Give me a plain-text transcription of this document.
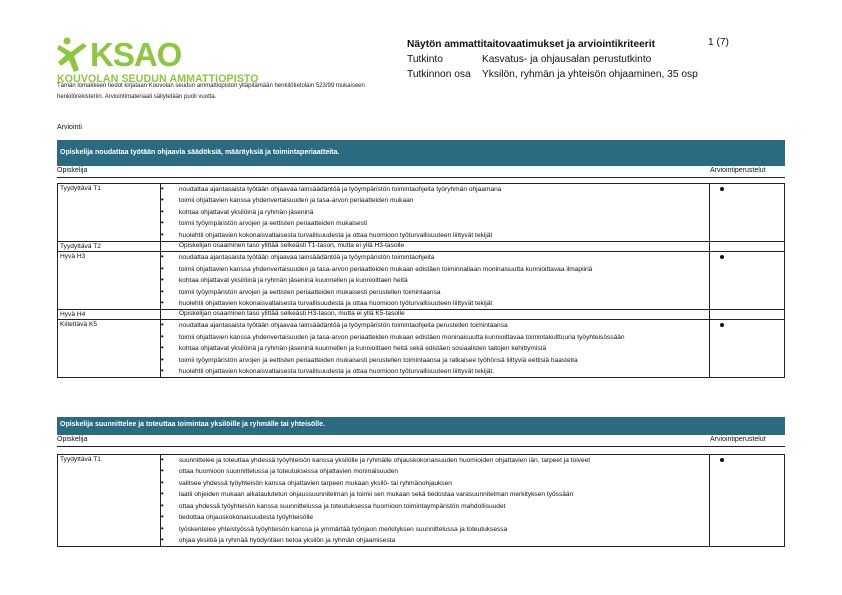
KSAO
KOUVOLAN SEUDUN AMMATTIOPISTO
Tämän lomakkeen tiedot kirjataan Kouvolan seudun ammattiopiston ylläpitämään henkilötietolain 523/99 mukaiseen henkilörekisteriin. Arviointimateriaali säilytetään puoli vuotta.
Näytön ammattitaitovaatimukset ja arviointikriteerit
Tutkinto	Kasvatus- ja ohjausalan perustutkinto
Tutkinnon osa Yksilön, ryhmän ja yhteisön ohjaaminen, 35 osp
1 (7)
Arviointi
Opiskelija noudattaa työtään ohjaavia säädöksiä, määräyksiä ja toimintaperiaatteita.
Opiskelija	Arviointiperustelut
Tyydyttävä T1	• noudattaa ajantasaista työtään ohjaavaa lainsäädäntöä ja työympäristön toimintaohjeita työryhmän ohjaamana
• toimii ohjattavien kanssa yhdenvertaisuuden ja tasa-arvon periaatteiden mukaan
• kohtaa ohjattavat yksilöinä ja ryhmän jäseninä
• toimii työympäristön arvojen ja eettisten periaatteiden mukaisesti
• huolehtii ohjattavien kokonaisvaltaisesta turvallisuudesta ja ottaa huomioon työturvallisuuteen liittyvät tekijät

Tyydyttävä T2	Opiskelijan osaaminen taso ylittää selkeästi T1-tason, mutta ei yllä H3-tasolle	

Hyvä H3	• noudattaa ajantasaista työtään ohjaavaa lainsäädäntöä ja työympäristön toimintaohjeita
• toimii ohjattavien kanssa yhdenvertaisuuden ja tasa-arvon periaatteiden mukaan edistäen toiminnallaan moninaisuutta kunnioittavaa ilmapiiriä
• kohtaa ohjattavat yksilöinä ja ryhmän jäseninä kuunnellen ja kunnioittaen heitä
• toimii työympäristön arvojen ja eettisten periaatteiden mukaisesti perustellen toimintaansa
• huolehtii ohjattavien kokonaisvaltaisesta turvallisuudesta ja ottaa huomioon työturvallisuuteen liittyvät tekijät

Hyvä H4	Opiskelijan osaaminen taso ylittää selkeästi H3-tason, mutta ei yllä K5-tasolle	

Kiitettävä K5	• noudattaa ajantasaista työtään ohjaavaa lainsäädäntöä ja työympäristön toimintaohjeita perustellen toimintaansa
• toimii ohjattavien kanssa yhdenvertaisuuden ja tasa-arvon periaatteiden mukaan edistäen moninaisuutta kunnioittavaa toimintakulttuuria työyhteisössään
• kohtaa ohjattavat yksilöinä ja ryhmän jäseninä kuunnellen ja kunnioittaen heitä sekä edistäen sosiaalisten taitojen kehittymistä
• toimii työympäristön arvojen ja eettisten periaatteiden mukaisesti perustellen toimintaansa ja ratkaisee työhönsä liittyviä eettisiä haasteita
• huolehtii ohjattavien kokonaisvaltaisesta turvallisuudesta ja ottaa huomioon työturvallisuuteen liittyvät tekijät.

Opiskelija suunnittelee ja toteuttaa toimintaa yksilöille ja ryhmälle tai yhteisölle.
Opiskelija	Arviointiperustelut
Tyydyttävä T1	
•suunnittelee ja toteuttaa yhdessä työyhteisön kanssa yksilölle ja ryhmälle ohjauskokonaisuuden huomioiden ohjattavien iän, tarpeet ja toiveet
• ottaa huomioon suunnittelussa ja toteutuksessa ohjattavien moninaisuuden
• valitsee yhdessä työyhteisön kanssa ohjattavien tarpeen mukaan yksilö- tai ryhmänohjauksen
• laatii ohjeiden mukaan aikataulutetun ohjaussuunnitelman ja toimii sen mukaan sekä tiedostaa varasuunnitelman merkityksen työssään
• ottaa yhdessä työyhteisön kanssa suunnittelussa ja toteutuksessa huomioon toimintaympäristön mahdollisuudet
• tiedottaa ohjauskokonaisuudesta työyhteisölle
• työskentelee yhteistyössä työyhteisön kanssa ja ymmärtää työnjaon merkityksen suunnittelussa ja toteutuksessa
• ohjaa yksilöä ja ryhmää hyödyntäen tietoa yksilön ja ryhmän ohjaamisesta
